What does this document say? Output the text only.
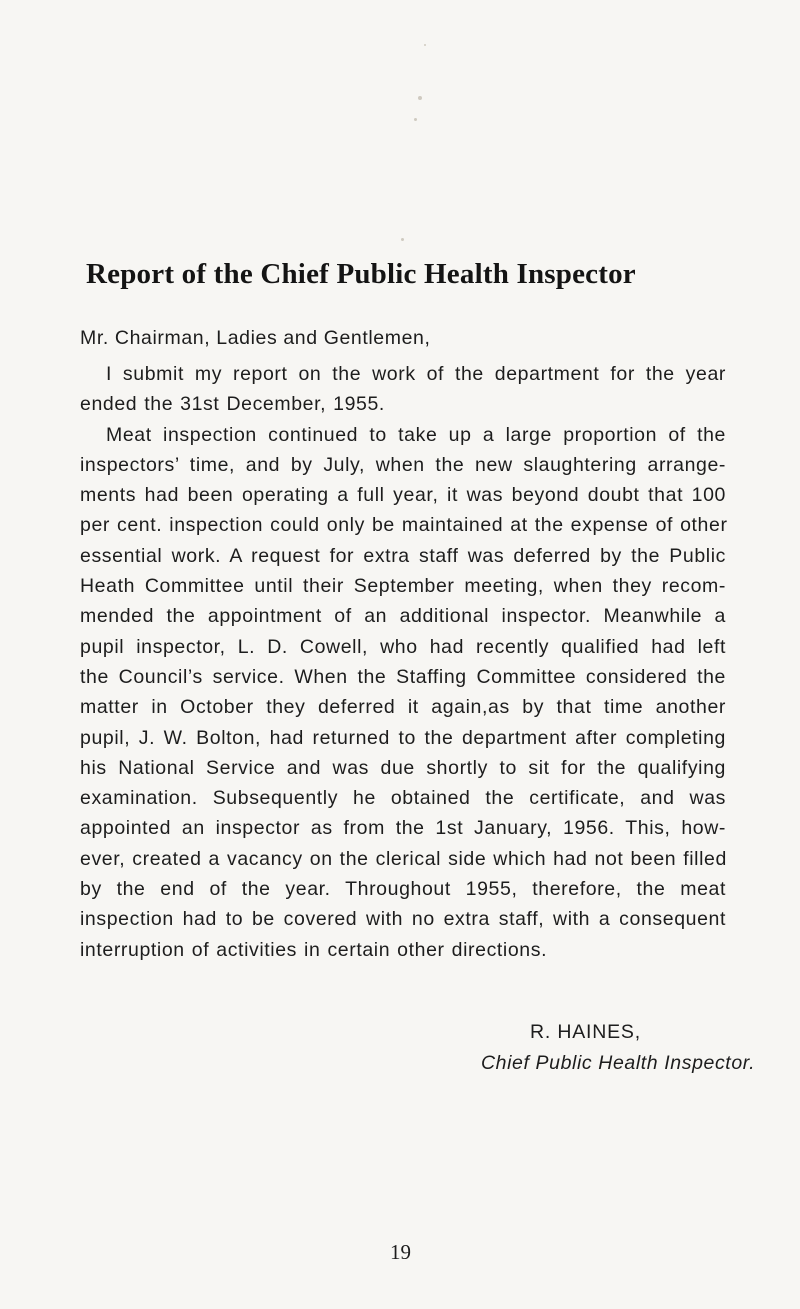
Report of the Chief Public Health Inspector
Mr. Chairman, Ladies and Gentlemen,
I submit my report on the work of the department for the year
ended the 31st December, 1955.
Meat inspection continued to take up a large proportion of the
inspectors’ time, and by July, when the new slaughtering arrange-
ments had been operating a full year, it was beyond doubt that 100
per cent. inspection could only be maintained at the expense of other
essential work. A request for extra staff was deferred by the Public
Heath Committee until their September meeting, when they recom-
mended the appointment of an additional inspector. Meanwhile a
pupil inspector, L. D. Cowell, who had recently qualified had left
the Council’s service. When the Staffing Committee considered the
matter in October they deferred it again,as by that time another
pupil, J. W. Bolton, had returned to the department after completing
his National Service and was due shortly to sit for the qualifying
examination. Subsequently he obtained the certificate, and was
appointed an inspector as from the 1st January, 1956. This, how-
ever, created a vacancy on the clerical side which had not been filled
by the end of the year. Throughout 1955, therefore, the meat
inspection had to be covered with no extra staff, with a consequent
interruption of activities in certain other directions.
R. HAINES,
Chief Public Health Inspector.
19
